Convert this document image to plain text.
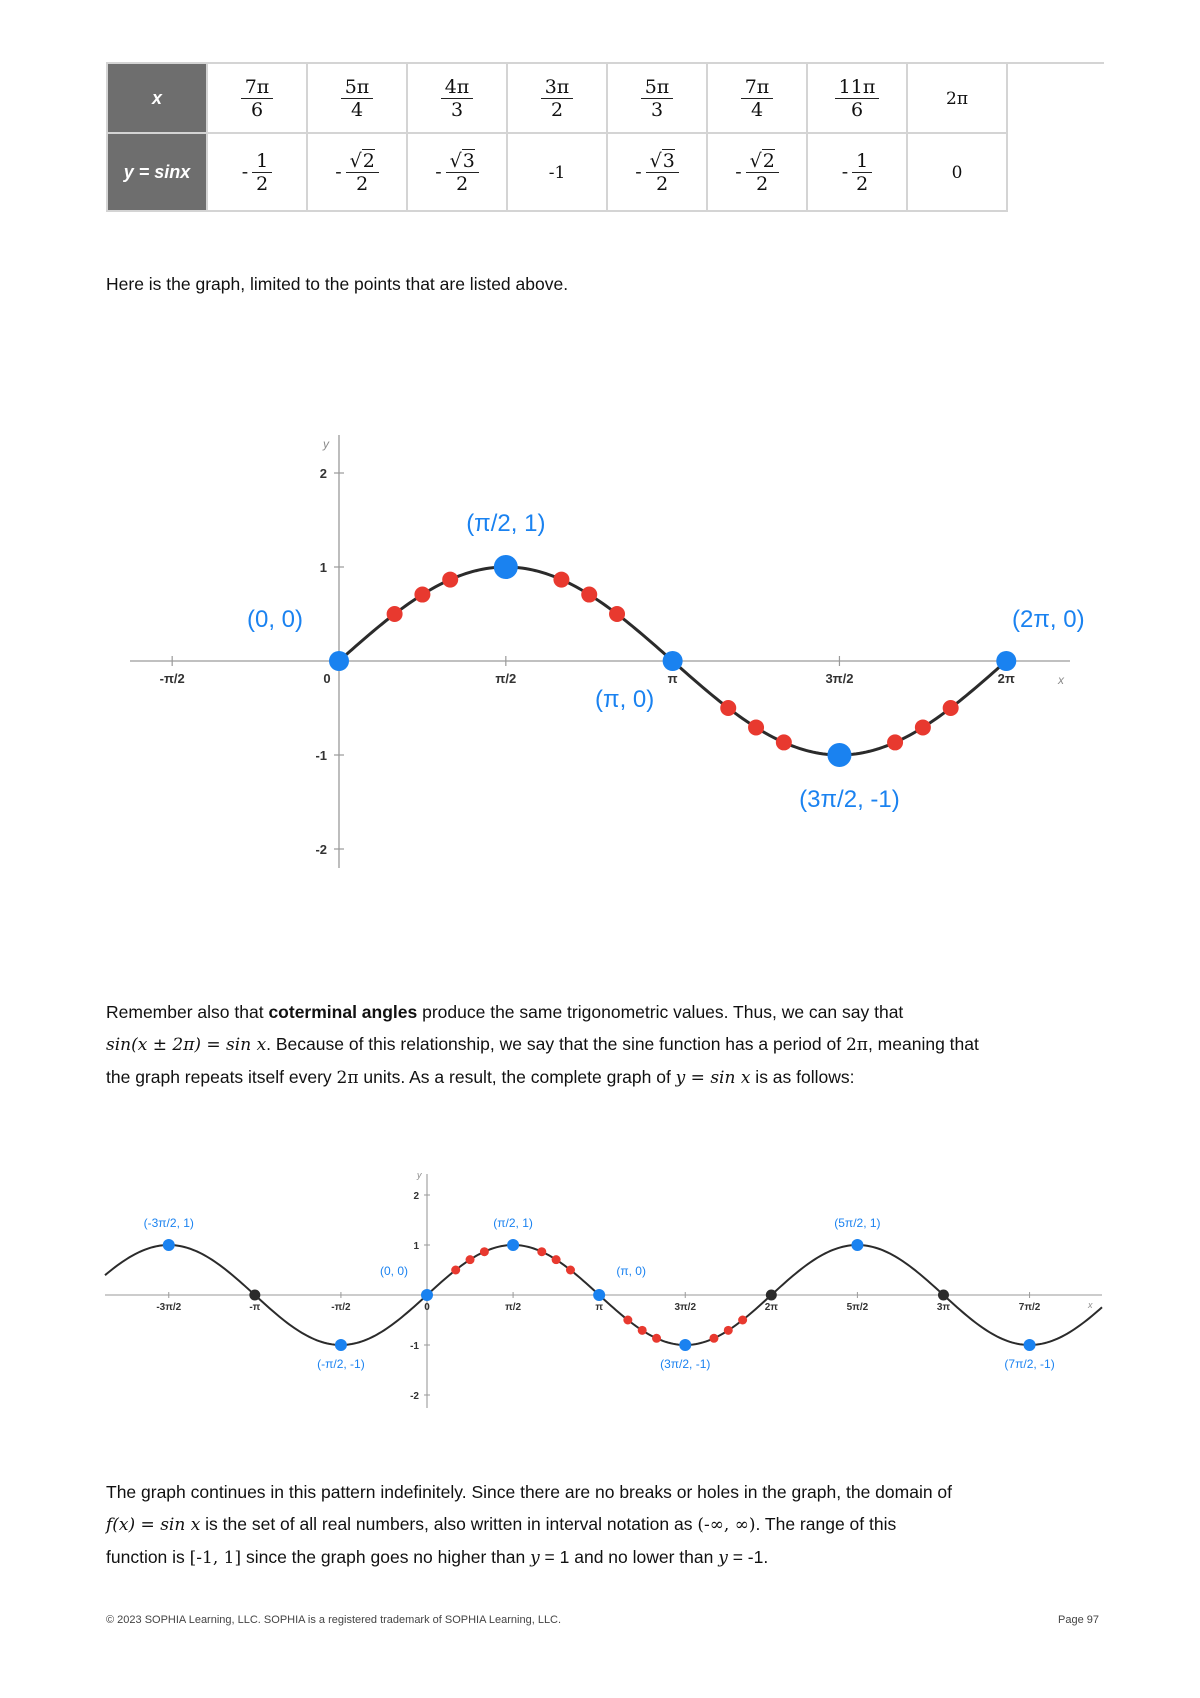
x	$\frac{7\pi}{6}$	$\frac{5\pi}{4}$	$\frac{4\pi}{3}$	$\frac{3\pi}{2}$	$\frac{5\pi}{3}$	$\frac{7\pi}{4}$	$\frac{11\pi}{6}$	2π	
y = sinx	- $\frac{1}{2}$	- $\frac{√2}{2}$	- $\frac{√3}{2}$	-1	- $\frac{√3}{2}$	- $\frac{√2}{2}$	- $\frac{1}{2}$	0	
Here is the graph, limited to the points that are listed above.
y
x
-π/2	0	π/2	π	3π/2	2π
2
1
-1
-2
(0, 0)
(π/2, 1)
(π, 0)
(3π/2, -1)
(2π, 0)
Remember also that coterminal angles produce the same trigonometric values. Thus, we can say that
sin(x ± 2π) = sin x. Because of this relationship, we say that the sine function has a period of 2π, meaning that
the graph repeats itself every 2π units. As a result, the complete graph of y = sin x is as follows:
y
x
-3π/2	-π	-π/2	0	π/2	π	3π/2	2π	5π/2	3π	7π/2
2
1
-1
-2
(-3π/2, 1)
(-π/2, -1)
(0, 0)
(π/2, 1)
(π, 0)
(3π/2, -1)
(5π/2, 1)
(7π/2, -1)
The graph continues in this pattern indefinitely. Since there are no breaks or holes in the graph, the domain of
f(x) = sin x is the set of all real numbers, also written in interval notation as (-∞, ∞). The range of this
function is [-1, 1] since the graph goes no higher than y = 1 and no lower than y = -1.
© 2023 SOPHIA Learning, LLC. SOPHIA is a registered trademark of SOPHIA Learning, LLC.	Page 97
